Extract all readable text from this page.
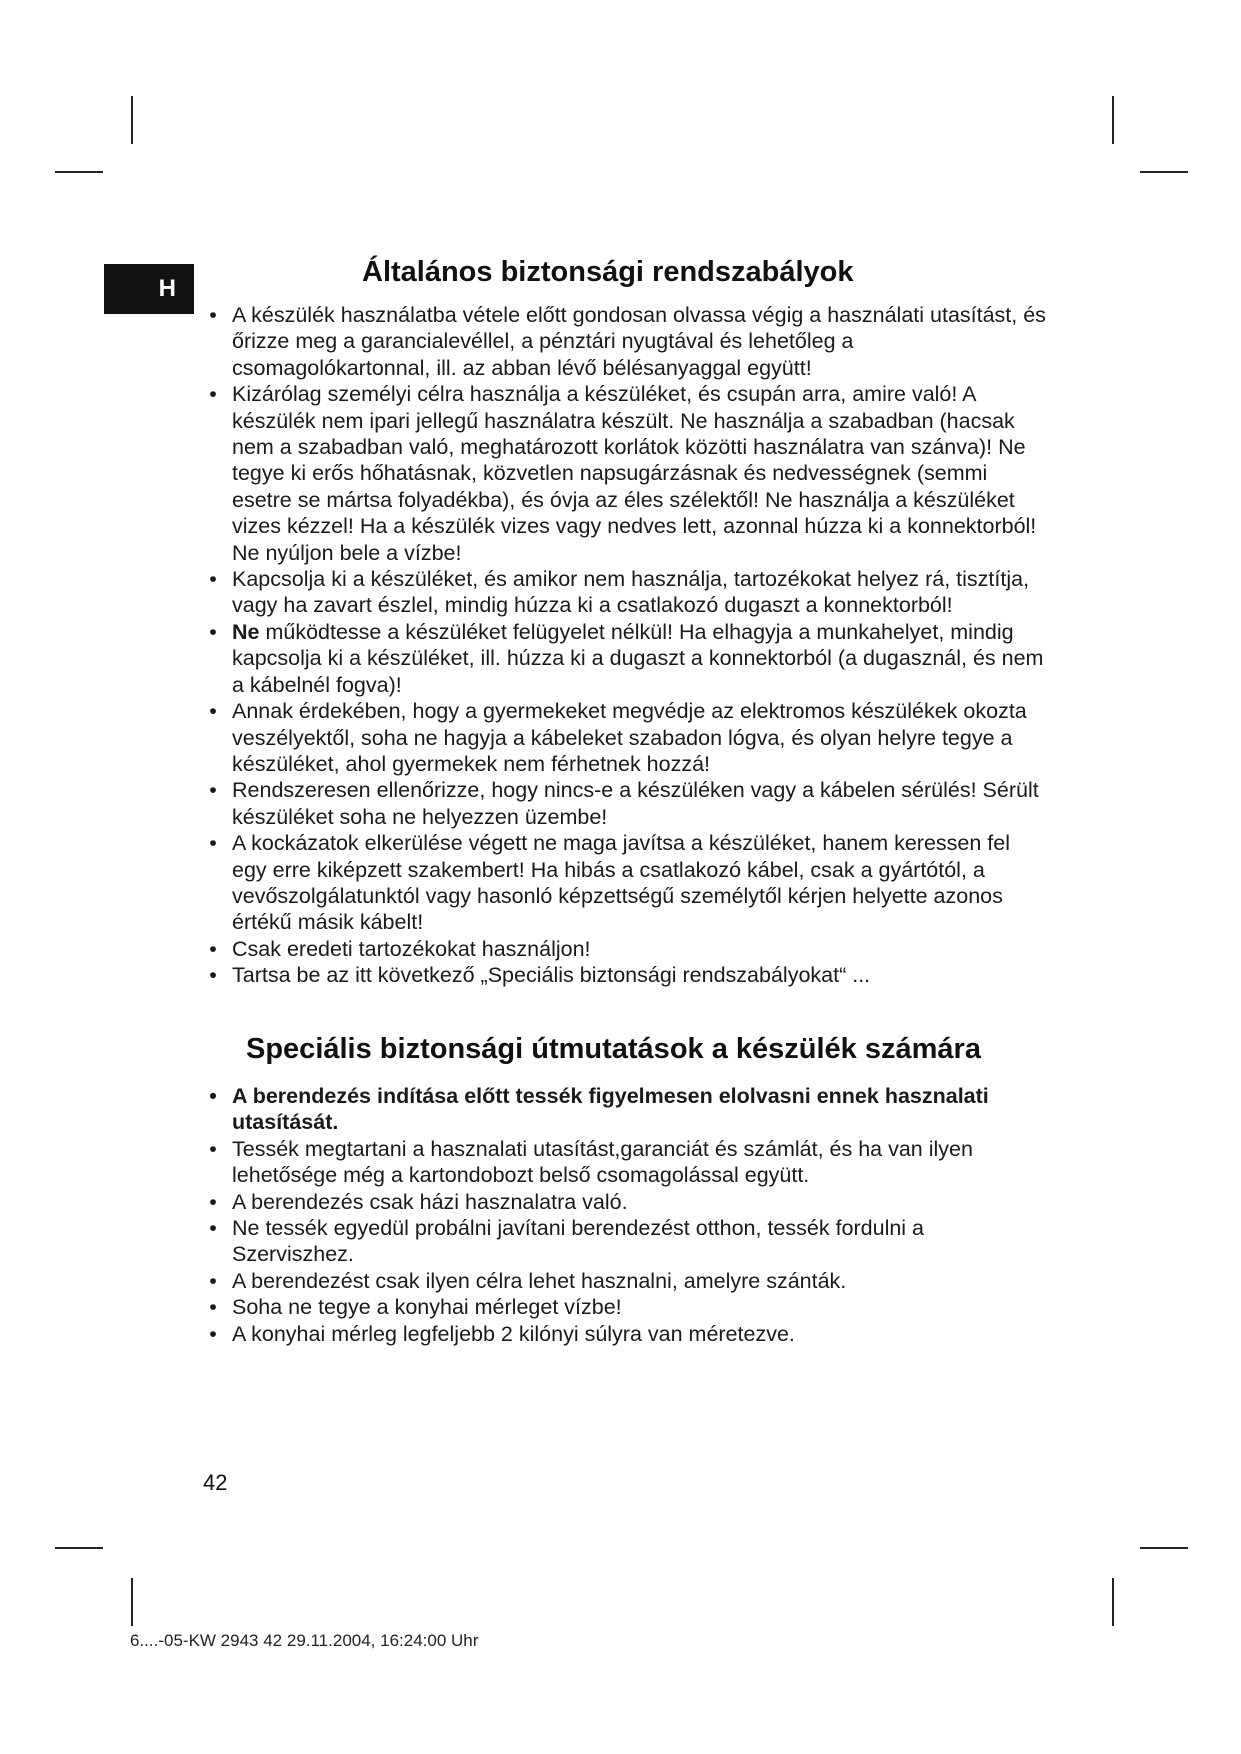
H
Általános biztonsági rendszabályok
• A készülék használatba vétele előtt gondosan olvassa végig a használati utasítást, és őrizze meg a garancialevéllel, a pénztári nyugtával és lehetőleg a csomagolókartonnal, ill. az abban lévő bélésanyaggal együtt!
• Kizárólag személyi célra használja a készüléket, és csupán arra, amire való! A készülék nem ipari jellegű használatra készült. Ne használja a szabadban (hacsak nem a szabadban való, meghatározott korlátok közötti használatra van szánva)! Ne tegye ki erős hőhatásnak, közvetlen napsugárzásnak és nedvességnek (semmi esetre se mártsa folyadékba), és óvja az éles szélektől! Ne használja a készüléket vizes kézzel! Ha a készülék vizes vagy nedves lett, azonnal húzza ki a konnektorból! Ne nyúljon bele a vízbe!
• Kapcsolja ki a készüléket, és amikor nem használja, tartozékokat helyez rá, tisztítja, vagy ha zavart észlel, mindig húzza ki a csatlakozó dugaszt a konnektorból!
• Ne működtesse a készüléket felügyelet nélkül! Ha elhagyja a munkahelyet, mindig kapcsolja ki a készüléket, ill. húzza ki a dugaszt a konnektorból (a dugasznál, és nem a kábelnél fogva)!
• Annak érdekében, hogy a gyermekeket megvédje az elektromos készülékek okozta veszélyektől, soha ne hagyja a kábeleket szabadon lógva, és olyan helyre tegye a készüléket, ahol gyermekek nem férhetnek hozzá!
• Rendszeresen ellenőrizze, hogy nincs-e a készüléken vagy a kábelen sérülés! Sérült készüléket soha ne helyezzen üzembe!
• A kockázatok elkerülése végett ne maga javítsa a készüléket, hanem keressen fel egy erre kiképzett szakembert! Ha hibás a csatlakozó kábel, csak a gyártótól, a vevőszolgálatunktól vagy hasonló képzettségű személytől kérjen helyette azonos értékű másik kábelt!
• Csak eredeti tartozékokat használjon!
• Tartsa be az itt következő „Speciális biztonsági rendszabályokat“ ...
Speciális biztonsági útmutatások a készülék számára
• A berendezés indítása előtt tessék figyelmesen elolvasni ennek hasznalati utasítását.
• Tessék megtartani a hasznalati utasítást,garanciát és számlát, és ha van ilyen lehetősége még a kartondobozt belső csomagolással együtt.
• A berendezés csak házi hasznalatra való.
• Ne tessék egyedül probálni javítani berendezést otthon, tessék fordulni a Szerviszhez.
• A berendezést csak ilyen célra lehet hasznalni, amelyre szánták.
• Soha ne tegye a konyhai mérleget vízbe!
• A konyhai mérleg legfeljebb 2 kilónyi súlyra van méretezve.
42
6....-05-KW 2943 42 29.11.2004, 16:24:00 Uhr
